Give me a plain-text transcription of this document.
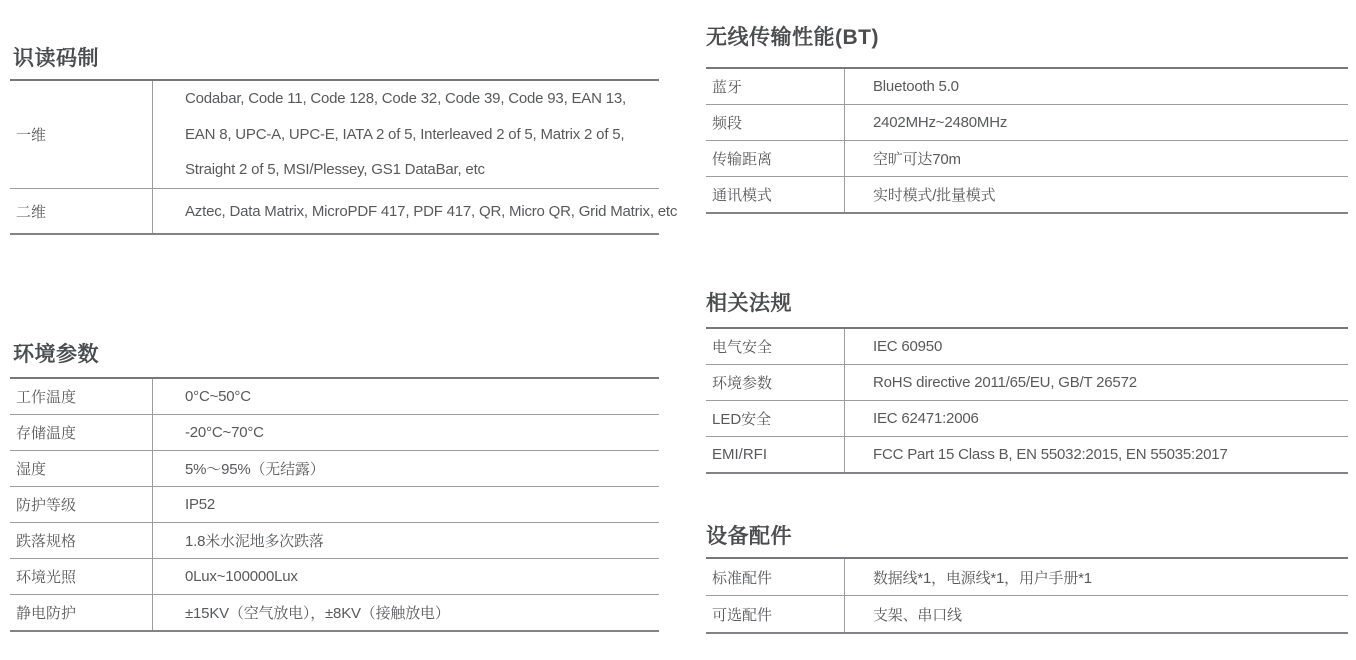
识读码制
一维
Codabar, Code 11, Code 128, Code 32, Code 39, Code 93, EAN 13,
EAN 8, UPC-A, UPC-E, IATA 2 of 5, Interleaved 2 of 5, Matrix 2 of 5,
Straight 2 of 5, MSI/Plessey, GS1 DataBar, etc
二维	Aztec, Data Matrix, MicroPDF 417, PDF 417, QR, Micro QR, Grid Matrix, etc
环境参数
工作温度	0°C~50°C
存储温度	-20°C~70°C
湿度	5%～95%（无结露）
防护等级	IP52
跌落规格	1.8米水泥地多次跌落
环境光照	0Lux~100000Lux
静电防护	±15KV（空气放电），±8KV（接触放电）
无线传输性能(BT)
蓝牙	Bluetooth 5.0
频段	2402MHz~2480MHz
传输距离	空旷可达70m
通讯模式	实时模式/批量模式
相关法规
电气安全	IEC 60950
环境参数	RoHS directive 2011/65/EU, GB/T 26572
LED安全	IEC 62471:2006
EMI/RFI	FCC Part 15 Class B, EN 55032:2015, EN 55035:2017
设备配件
标准配件	数据线*1，电源线*1，用户手册*1
可选配件	支架、串口线
